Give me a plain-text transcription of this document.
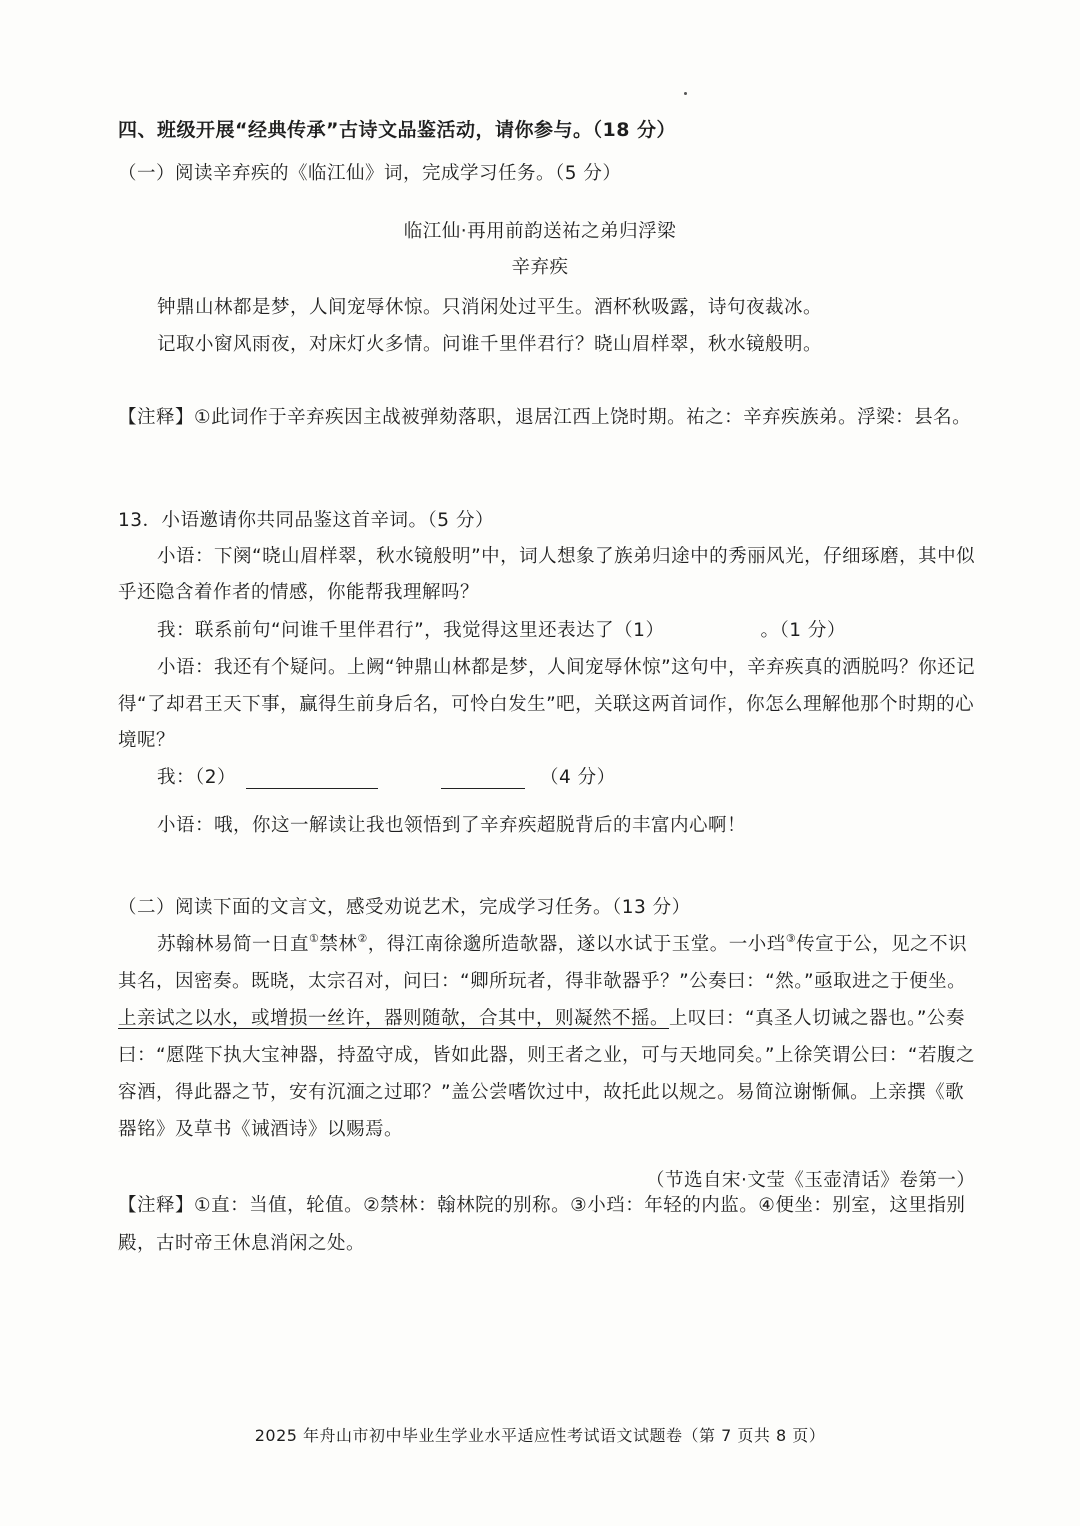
四、班级开展“经典传承”古诗文品鉴活动，请你参与。（18 分）
（一）阅读辛弃疾的《临江仙》词，完成学习任务。（5 分）
临江仙·再用前韵送祐之弟归浮梁
辛弃疾
钟鼎山林都是梦，人间宠辱休惊。只消闲处过平生。酒杯秋吸露，诗句夜裁冰。
记取小窗风雨夜，对床灯火多情。问谁千里伴君行？晓山眉样翠，秋水镜般明。
【注释】①此词作于辛弃疾因主战被弹劾落职，退居江西上饶时期。祐之：辛弃疾族弟。浮梁：县名。
13．小语邀请你共同品鉴这首辛词。（5 分）
小语：下阕“晓山眉样翠，秋水镜般明”中，词人想象了族弟归途中的秀丽风光，仔细琢磨，其中似
乎还隐含着作者的情感，你能帮我理解吗？
我：联系前句“问谁千里伴君行”，我觉得这里还表达了（1）	。（1 分）
小语：我还有个疑问。上阙“钟鼎山林都是梦，人间宠辱休惊”这句中，辛弃疾真的洒脱吗？你还记
得“了却君王天下事，赢得生前身后名，可怜白发生”吧，关联这两首词作，你怎么理解他那个时期的心
境呢？
我：（2）	（4 分）
小语：哦，你这一解读让我也领悟到了辛弃疾超脱背后的丰富内心啊！
（二）阅读下面的文言文，感受劝说艺术，完成学习任务。（13 分）
苏翰林易简一日直①禁林②，得江南徐邈所造欹器，遂以水试于玉堂。一小珰③传宣于公，见之不识
其名，因密奏。既晓，太宗召对，问曰：“卿所玩者，得非欹器乎？”公奏曰：“然。”亟取进之于便坐。
上亲试之以水，或增损一丝许，器则随欹，合其中，则凝然不摇。上叹曰：“真圣人切诫之器也。”公奏
曰：“愿陛下执大宝神器，持盈守成，皆如此器，则王者之业，可与天地同矣。”上徐笑谓公曰：“若腹之
容酒，得此器之节，安有沉湎之过耶？”盖公尝嗜饮过中，故托此以规之。易简泣谢惭佩。上亲撰《歌
器铭》及草书《诫酒诗》以赐焉。
（节选自宋·文莹《玉壶清话》卷第一）
【注释】①直：当值，轮值。②禁林：翰林院的别称。③小珰：年轻的内监。④便坐：别室，这里指别
殿，古时帝王休息消闲之处。
2025 年舟山市初中毕业生学业水平适应性考试语文试题卷（第 7 页共 8 页）
